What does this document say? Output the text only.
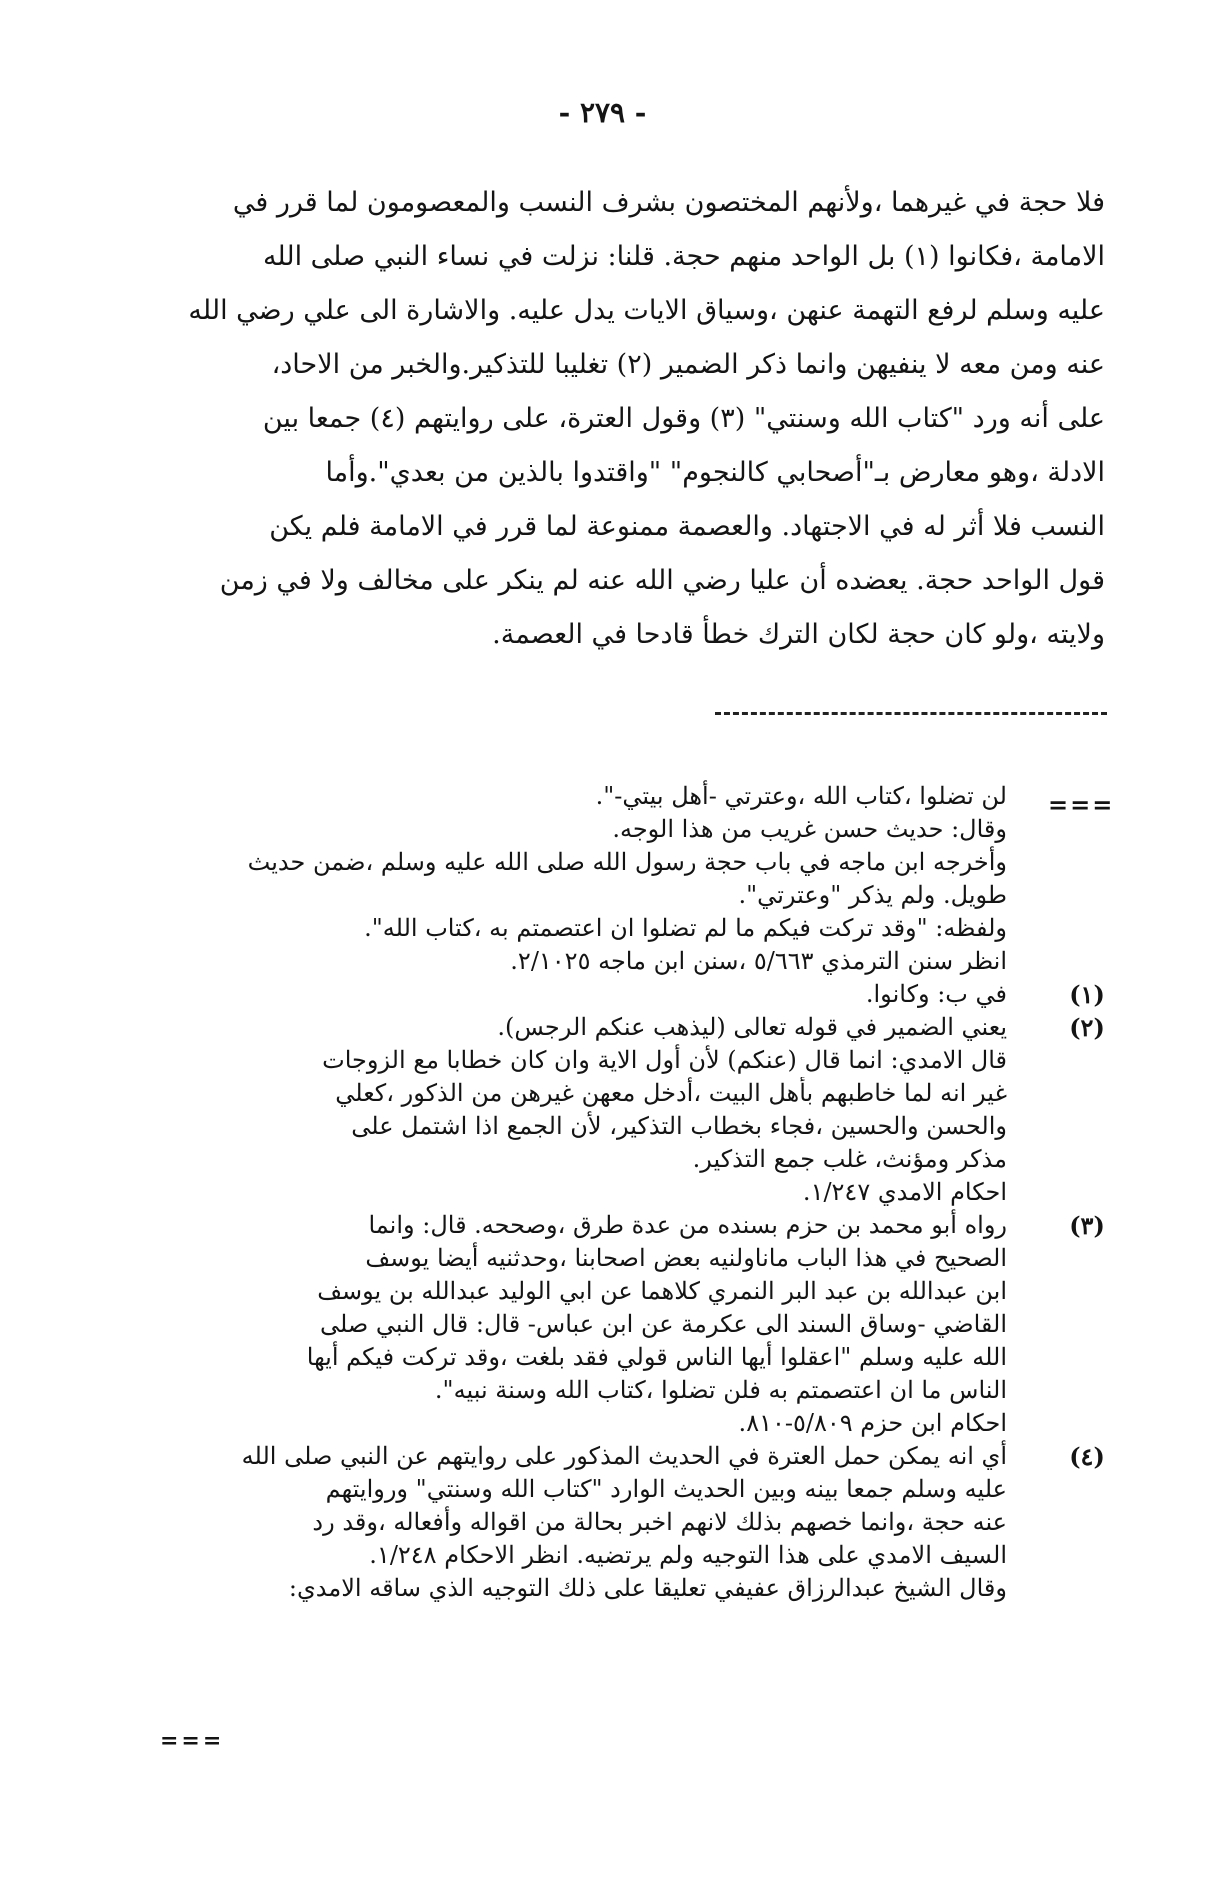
- ٢٧٩ -
فلا حجة في غيرهما ،ولأنهم المختصون بشرف النسب والمعصومون لما قرر في
الامامة ،فكانوا (١) بل الواحد منهم حجة. قلنا: نزلت في نساء النبي صلى الله
عليه وسلم لرفع التهمة عنهن ،وسياق الايات يدل عليه. والاشارة الى علي رضي الله
عنه ومن معه لا ينفيهن وانما ذكر الضمير (٢) تغليبا للتذكير.والخبر من الاحاد،
على أنه ورد "كتاب الله وسنتي" (٣) وقول العترة، على روايتهم (٤) جمعا بين
الادلة ،وهو معارض بـ"أصحابي كالنجوم" "واقتدوا بالذين من بعدي".وأما
النسب فلا أثر له في الاجتهاد. والعصمة ممنوعة لما قرر في الامامة فلم يكن
قول الواحد حجة. يعضده أن عليا رضي الله عنه لم ينكر على مخالف ولا في زمن
ولايته ،ولو كان حجة لكان الترك خطأ قادحا في العصمة.
===
لن تضلوا ،كتاب الله ،وعترتي -أهل بيتي-".
وقال: حديث حسن غريب من هذا الوجه.
وأخرجه ابن ماجه في باب حجة رسول الله صلى الله عليه وسلم ،ضمن حديث
طويل. ولم يذكر "وعترتي".
ولفظه: "وقد تركت فيكم ما لم تضلوا ان اعتصمتم به ،كتاب الله".
انظر سنن الترمذي ٥/٦٦٣ ،سنن ابن ماجه ٢/١٠٢٥.
(١)
في ب: وكانوا.
(٢)
يعني الضمير في قوله تعالى (ليذهب عنكم الرجس).
قال الامدي: انما قال (عنكم) لأن أول الاية وان كان خطابا مع الزوجات
غير انه لما خاطبهم بأهل البيت ،أدخل معهن غيرهن من الذكور ،كعلي
والحسن والحسين ،فجاء بخطاب التذكير، لأن الجمع اذا اشتمل على
مذكر ومؤنث، غلب جمع التذكير.
احكام الامدي ١/٢٤٧.
(٣)
رواه أبو محمد بن حزم بسنده من عدة طرق ،وصححه. قال: وانما
الصحيح في هذا الباب ماناولنيه بعض اصحابنا ،وحدثنيه أيضا يوسف
ابن عبدالله بن عبد البر النمري كلاهما عن ابي الوليد عبدالله بن يوسف
القاضي -وساق السند الى عكرمة عن ابن عباس- قال: قال النبي صلى
الله عليه وسلم "اعقلوا أيها الناس قولي فقد بلغت ،وقد تركت فيكم أيها
الناس ما ان اعتصمتم به فلن تضلوا ،كتاب الله وسنة نبيه".
احكام ابن حزم ٥/٨٠٩-٨١٠.
(٤)
أي انه يمكن حمل العترة في الحديث المذكور على روايتهم عن النبي صلى الله
عليه وسلم جمعا بينه وبين الحديث الوارد "كتاب الله وسنتي" وروايتهم
عنه حجة ،وانما خصهم بذلك لانهم اخبر بحالة من اقواله وأفعاله ،وقد رد
السيف الامدي على هذا التوجيه ولم يرتضيه. انظر الاحكام ١/٢٤٨.
وقال الشيخ عبدالرزاق عفيفي تعليقا على ذلك التوجيه الذي ساقه الامدي:
===
